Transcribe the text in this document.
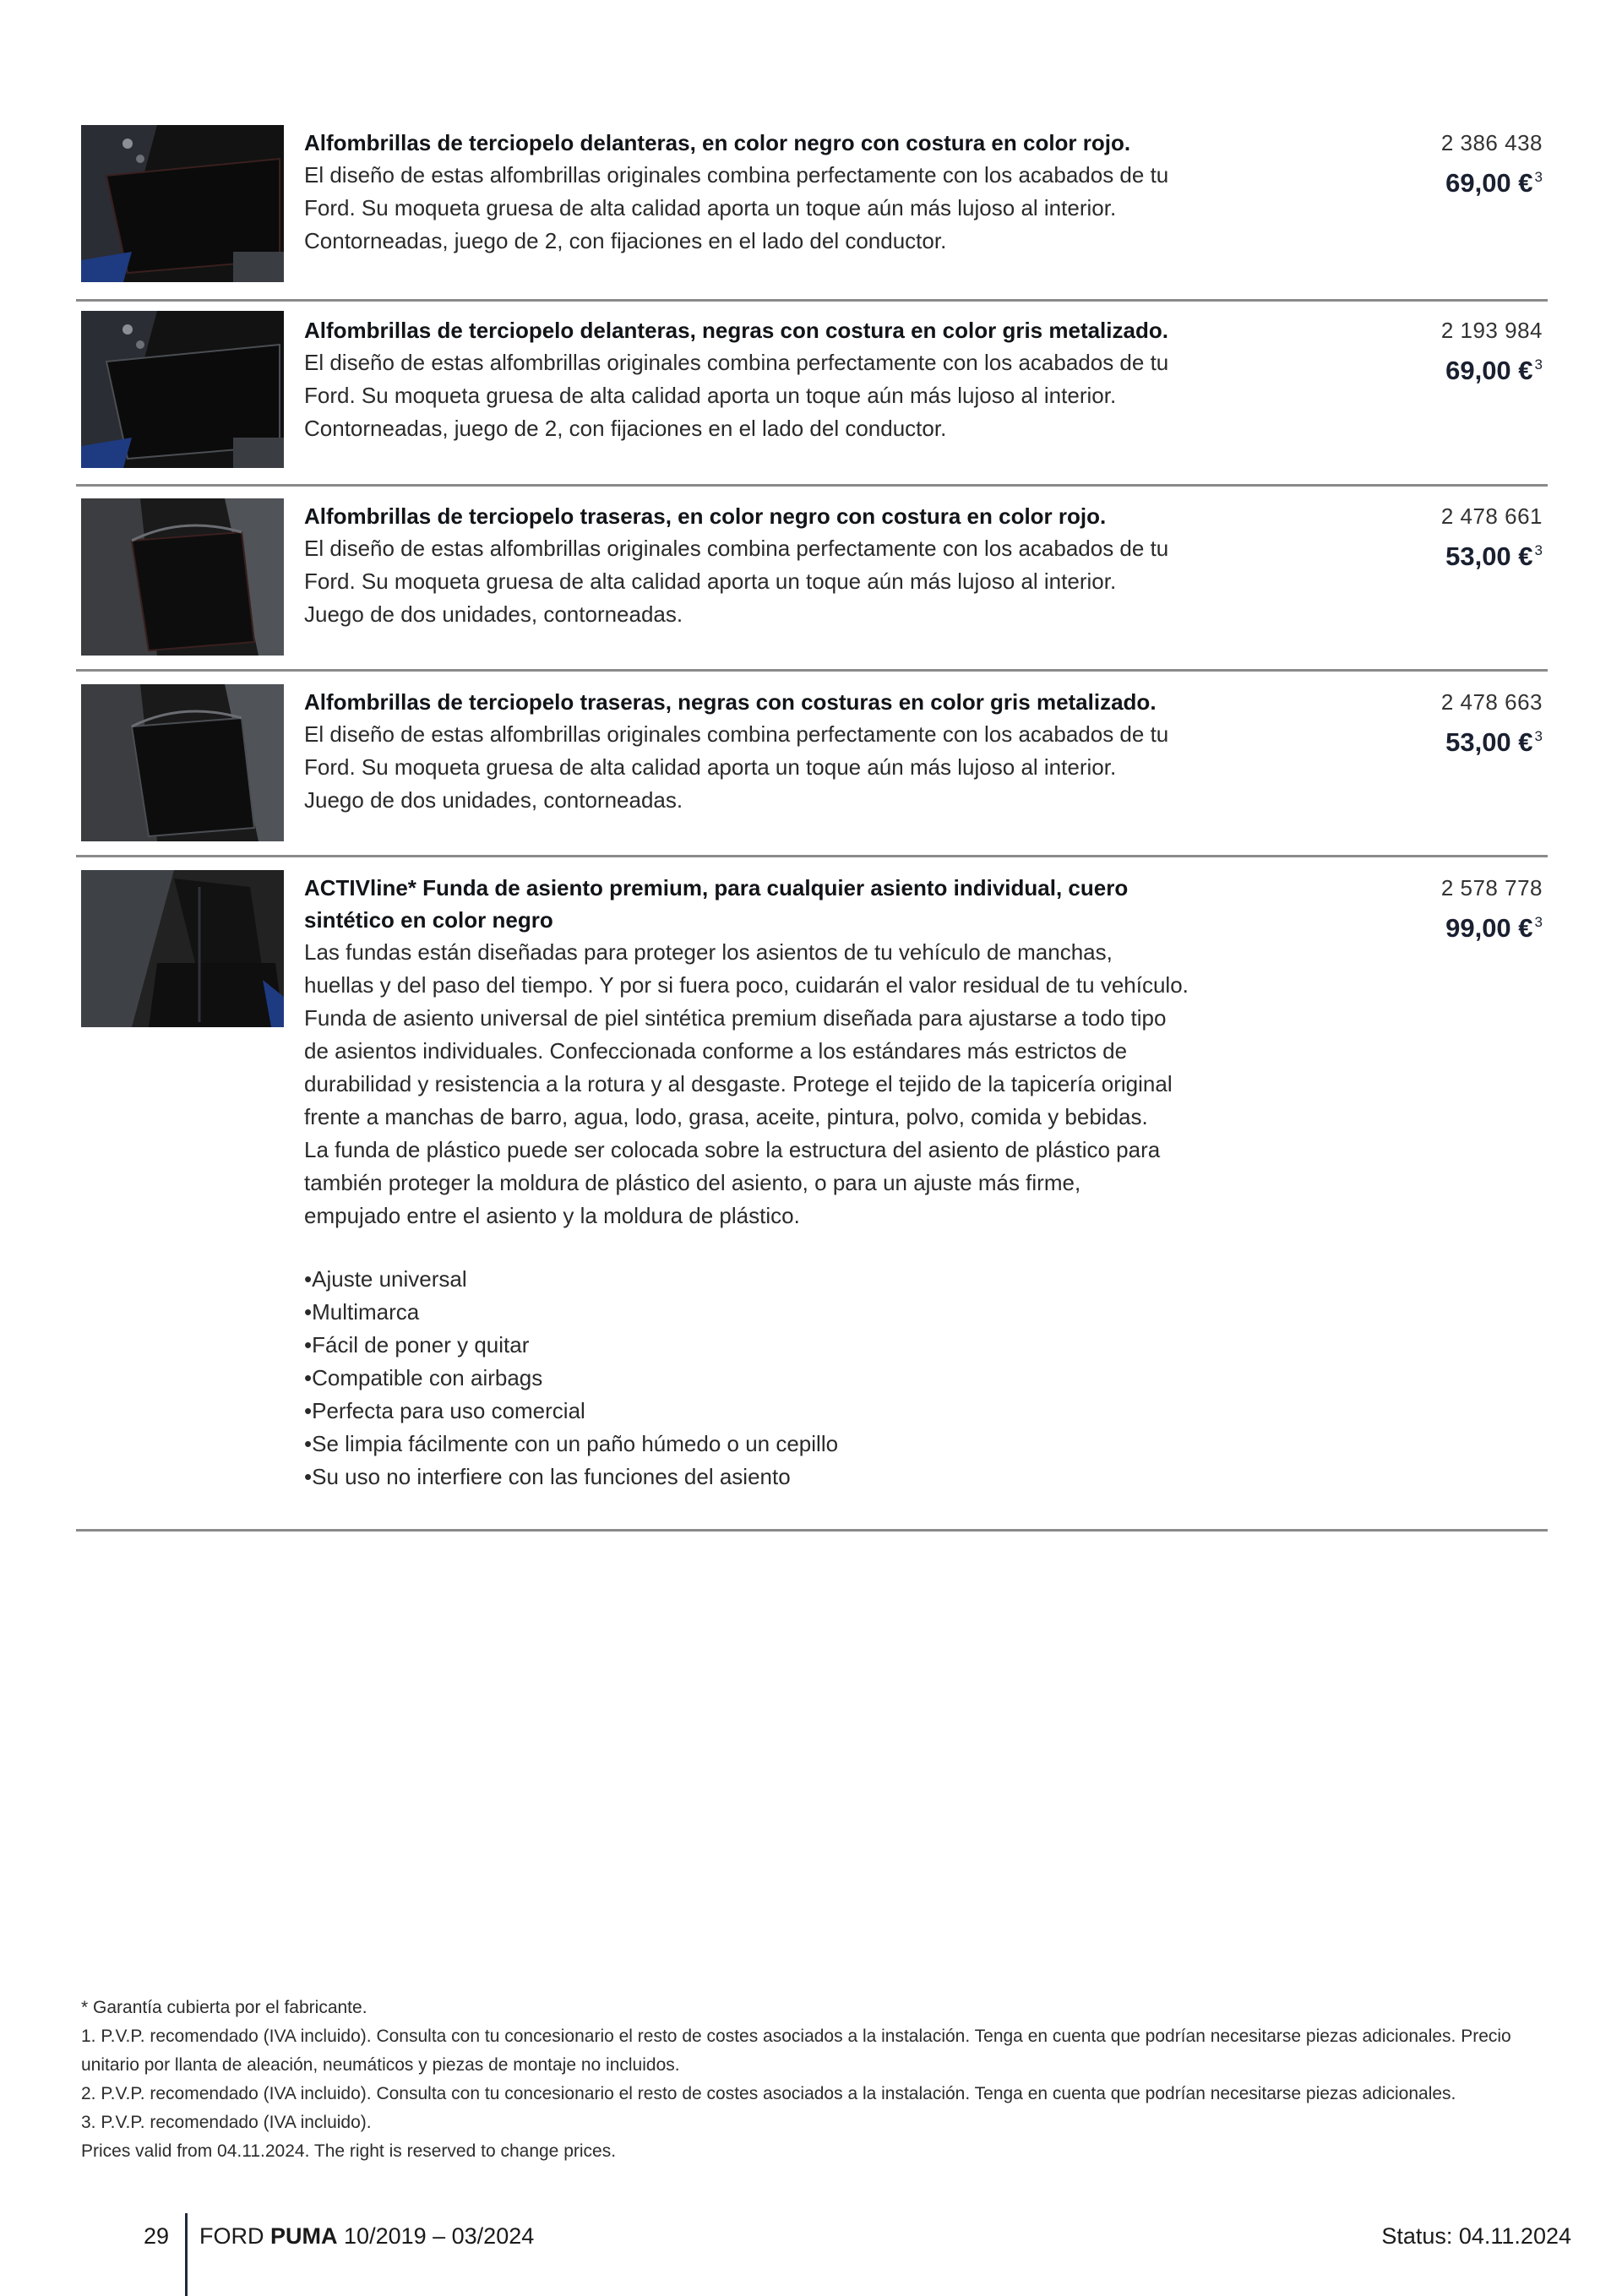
Alfombrillas de terciopelo delanteras, en color negro con costura en color rojo.

El diseño de estas alfombrillas originales combina perfectamente con los acabados de tu
Ford. Su moqueta gruesa de alta calidad aporta un toque aún más lujoso al interior.
Contorneadas, juego de 2, con fijaciones en el lado del conductor.

2 386 438
69,00 € $^3$

Alfombrillas de terciopelo delanteras, negras con costura en color gris metalizado.

El diseño de estas alfombrillas originales combina perfectamente con los acabados de tu
Ford. Su moqueta gruesa de alta calidad aporta un toque aún más lujoso al interior.
Contorneadas, juego de 2, con fijaciones en el lado del conductor.

2 193 984
69,00 € $^3$

Alfombrillas de terciopelo traseras, en color negro con costura en color rojo.

El diseño de estas alfombrillas originales combina perfectamente con los acabados de tu
Ford. Su moqueta gruesa de alta calidad aporta un toque aún más lujoso al interior.
Juego de dos unidades, contorneadas.

2 478 661
53,00 € $^3$

Alfombrillas de terciopelo traseras, negras con costuras en color gris metalizado.

El diseño de estas alfombrillas originales combina perfectamente con los acabados de tu
Ford. Su moqueta gruesa de alta calidad aporta un toque aún más lujoso al interior.
Juego de dos unidades, contorneadas.

2 478 663
53,00 € $^3$

ACTIVline* Funda de asiento premium, para cualquier asiento individual, cuero
sintético en color negro

Las fundas están diseñadas para proteger los asientos de tu vehículo de manchas,
huellas y del paso del tiempo. Y por si fuera poco, cuidarán el valor residual de tu vehículo.
Funda de asiento universal de piel sintética premium diseñada para ajustarse a todo tipo
de asientos individuales. Confeccionada conforme a los estándares más estrictos de
durabilidad y resistencia a la rotura y al desgaste. Protege el tejido de la tapicería original
frente a manchas de barro, agua, lodo, grasa, aceite, pintura, polvo, comida y bebidas.
La funda de plástico puede ser colocada sobre la estructura del asiento de plástico para
también proteger la moldura de plástico del asiento, o para un ajuste más firme,
empujado entre el asiento y la moldura de plástico.

• Ajuste universal
• Multimarca
• Fácil de poner y quitar
• Compatible con airbags
• Perfecta para uso comercial
• Se limpia fácilmente con un paño húmedo o un cepillo
• Su uso no interfiere con las funciones del asiento
2 578 778
99,00 € $^3$

* Garantía cubierta por el fabricante.

1. P.V.P. recomendado (IVA incluido). Consulta con tu concesionario el resto de costes asociados a la instalación. Tenga en cuenta que podrían necesitarse piezas adicionales. Precio unitario por llanta de aleación, neumáticos y piezas de montaje no incluidos.

2. P.V.P. recomendado (IVA incluido). Consulta con tu concesionario el resto de costes asociados a la instalación. Tenga en cuenta que podrían necesitarse piezas adicionales.

3. P.V.P. recomendado (IVA incluido).

Prices valid from 04.11.2024. The right is reserved to change prices.

29 FORD PUMA 10/2019 – 03/2024	Status: 04.11.2024
